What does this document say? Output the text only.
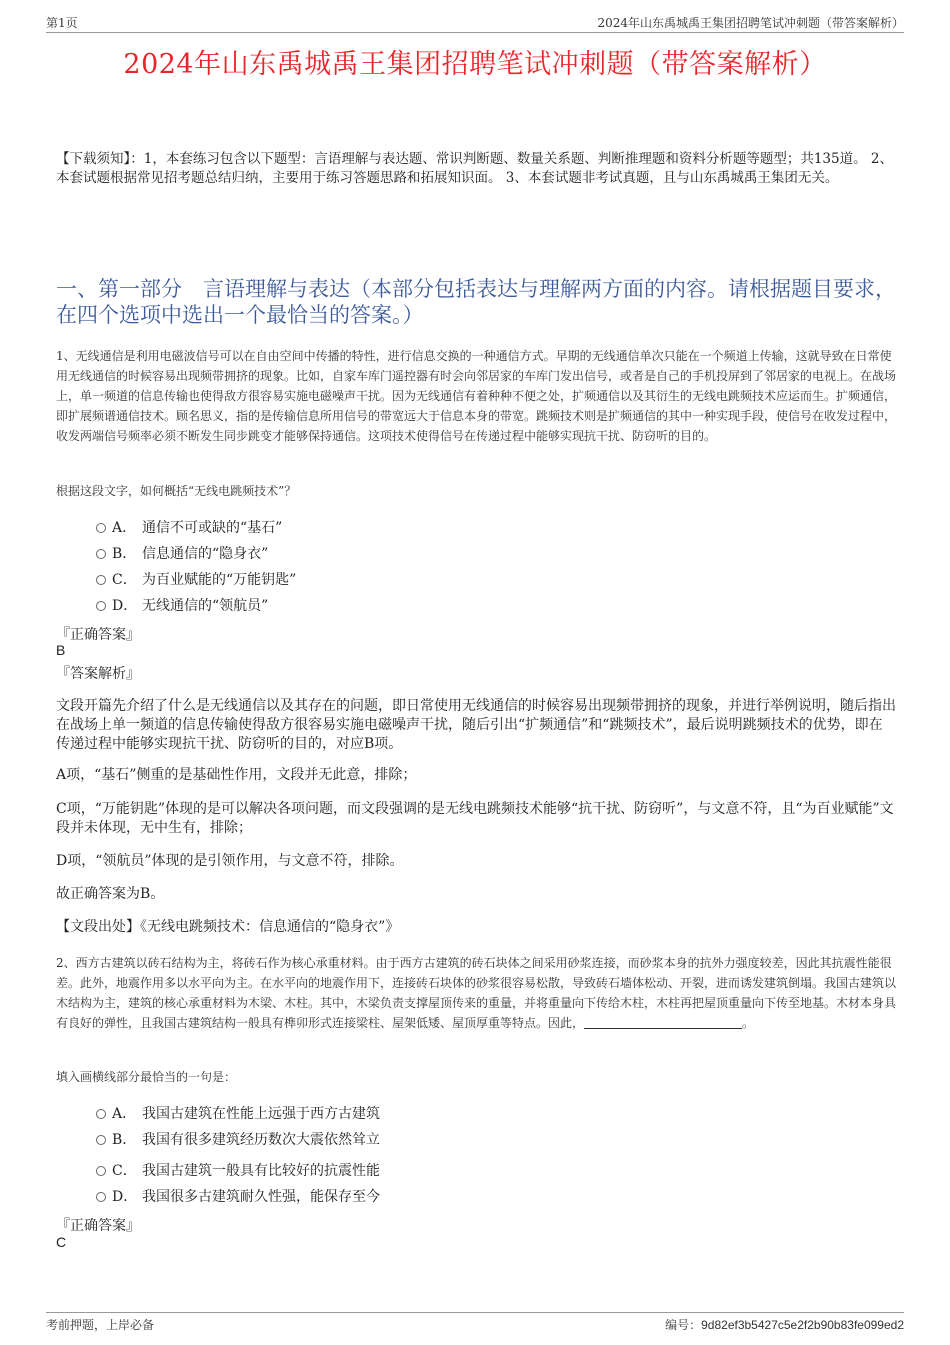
第1页	2024年山东禹城禹王集团招聘笔试冲刺题（带答案解析）
2024年山东禹城禹王集团招聘笔试冲刺题（带答案解析）
【下载须知】：1，本套练习包含以下题型：言语理解与表达题、常识判断题、数量关系题、判断推理题和资料分析题等题型；共135道。 2、本套试题根据常见招考题总结归纳，主要用于练习答题思路和拓展知识面。 3、本套试题非考试真题，且与山东禹城禹王集团无关。
一、第一部分　言语理解与表达（本部分包括表达与理解两方面的内容。请根据题目要求，在四个选项中选出一个最恰当的答案。）
1、无线通信是利用电磁波信号可以在自由空间中传播的特性，进行信息交换的一种通信方式。早期的无线通信单次只能在一个频道上传输，这就导致在日常使用无线通信的时候容易出现频带拥挤的现象。比如，自家车库门遥控器有时会向邻居家的车库门发出信号，或者是自己的手机投屏到了邻居家的电视上。在战场上，单一频道的信息传输也使得敌方很容易实施电磁噪声干扰。因为无线通信有着种种不便之处，扩频通信以及其衍生的无线电跳频技术应运而生。扩频通信，即扩展频谱通信技术。顾名思义，指的是传输信息所用信号的带宽远大于信息本身的带宽。跳频技术则是扩频通信的其中一种实现手段，使信号在收发过程中，收发两端信号频率必须不断发生同步跳变才能够保持通信。这项技术使得信号在传递过程中能够实现抗干扰、防窃听的目的。
根据这段文字，如何概括“无线电跳频技术”？
A． 通信不可或缺的“基石”
B． 信息通信的“隐身衣”
C． 为百业赋能的“万能钥匙”
D． 无线通信的“领航员”
『正确答案』
B
『答案解析』
文段开篇先介绍了什么是无线通信以及其存在的问题，即日常使用无线通信的时候容易出现频带拥挤的现象，并进行举例说明，随后指出在战场上单一频道的信息传输使得敌方很容易实施电磁噪声干扰，随后引出“扩频通信”和“跳频技术”，最后说明跳频技术的优势，即在传递过程中能够实现抗干扰、防窃听的目的，对应B项。
A项，“基石”侧重的是基础性作用，文段并无此意，排除；
C项，“万能钥匙”体现的是可以解决各项问题，而文段强调的是无线电跳频技术能够“抗干扰、防窃听”，与文意不符，且“为百业赋能”文段并未体现，无中生有，排除；
D项，“领航员”体现的是引领作用，与文意不符，排除。
故正确答案为B。
【文段出处】《无线电跳频技术：信息通信的“隐身衣”》
2、西方古建筑以砖石结构为主，将砖石作为核心承重材料。由于西方古建筑的砖石块体之间采用砂浆连接，而砂浆本身的抗外力强度较差，因此其抗震性能很差。此外，地震作用多以水平向为主。在水平向的地震作用下，连接砖石块体的砂浆很容易松散，导致砖石墙体松动、开裂，进而诱发建筑倒塌。我国古建筑以木结构为主，建筑的核心承重材料为木梁、木柱。其中，木梁负责支撑屋顶传来的重量，并将重量向下传给木柱，木柱再把屋顶重量向下传至地基。木材本身具有良好的弹性，且我国古建筑结构一般具有榫卯形式连接梁柱、屋架低矮、屋顶厚重等特点。因此，	。
填入画横线部分最恰当的一句是：
A． 我国古建筑在性能上远强于西方古建筑
B． 我国有很多建筑经历数次大震依然耸立
C． 我国古建筑一般具有比较好的抗震性能
D． 我国很多古建筑耐久性强，能保存至今
『正确答案』
C
考前押题，上岸必备	编号：9d82ef3b5427c5e2f2b90b83fe099ed2
